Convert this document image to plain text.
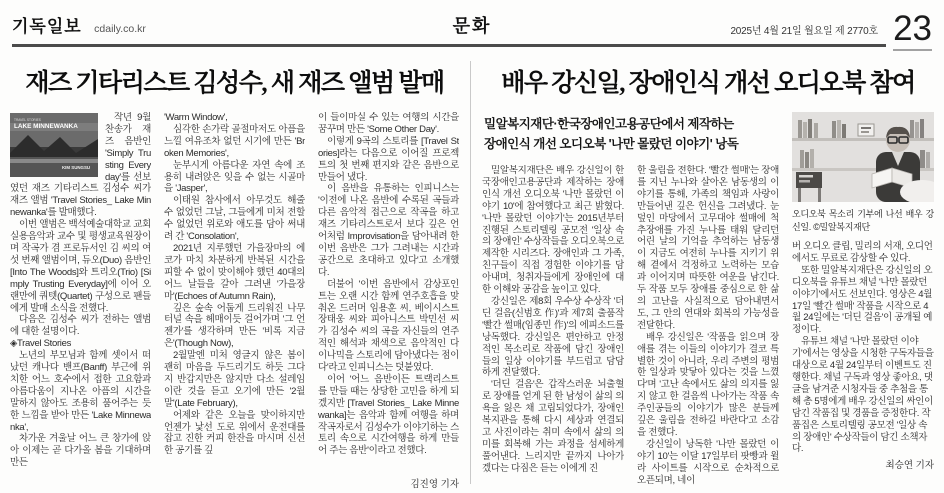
기독일보 cdaily.co.kr	문화	2025년 4월 21일 월요일 제 2770호 23
재즈 기타리스트 김성수, 새 재즈 앨범 발매
TRAVEL STORIES
LAKE MINNEWANKA
KIM SUNGSU

작년 9월 찬송가 재즈 음반인 'Simply Trusting Everyday'를 선보였던 재즈 기타리스트 김성수 씨가 재즈 앨범 'Travel Stories_ Lake Minnewanka'를 발매했다.

이번 앨범은 백석예술대학교 교회실용음악과 교수 및 평생교육원장이며 작곡가 겸 프로듀서인 김 씨의 여섯 번째 앨범이며, 듀오(Duo) 음반인 [Into The Woods]와 트리오(Trio) [Simply Trusting Everyday]에 이어 오랜만에 쿼텟(Quartet) 구성으로 팬들에게 발매 소식을 전했다.

다음은 김성수 씨가 전하는 앨범에 대한 설명이다.

◈Travel Stories

노년의 부모님과 함께 셋이서 떠났던 캐나다 밴프(Banff) 부근에 위치한 어느 호수에서 접한 고요함과 아름다움이 지나온 아픔의 시간을 말하지 않아도 조용히 품어주는 듯한 느낌을 받아 만든 'Lake Minnewanka',

차가운 겨울날 어느 큰 창가에 앉아 이제는 곧 다가올 봄을 기대하며 만든

'Warm Window',

심각한 손가락 골절마저도 아픔을 느낄 여유조차 없던 시기에 만든 'Broken Memories',

눈부시게 아름다운 자연 속에 조용히 내려앉은 잊을 수 없는 시골마을 'Jasper',

이태원 참사에서 아무것도 해줄 수 없었던 그날, 그들에게 미처 전할 수 없었던 위로와 애도를 담아 써내려 간 'Consolation',

2021년 지루했던 가을장마의 에코가 마치 차분하게 반복된 시간을 피할 수 없이 맞이해야 했던 40대의 어느 날들을 갈아 그려낸 '가을장마'(Echoes of Autumn Rain),

깊은 숲속 어둡게 드리워진 나무 터널 속을 헤매이듯 걸어가며 '그 언젠가'를 생각하며 만든 '비록 지금은'(Though Now),

2월말엔 미처 영글지 않은 봄이 괜히 마음을 두드리기도 하듯 그다지 반갑지만은 않지만 다소 설레임이란 것을 듣고 오기에 만든 '2월말'(Late February),

어제와 같은 오늘을 맞이하지만 언젠가 낯선 도로 위에서 운전대를 잡고 진한 커피 한잔을 마시며 신선한 공기를 깊

이 들이마실 수 있는 여행의 시간을 꿈꾸며 만든 'Some Other Day'.

이렇게 9곡의 스토리를 [Travel Stories]라는 다음으로 이어질 프로젝트의 첫 번째 편지와 같은 음반으로 만들어 냈다.

이 음반을 유통하는 인피니스는 '이전에 나온 음반에 수록된 곡들과 다른 음악적 접근으로 작곡을 하고 재즈 기타리스트로서 보다 깊은 언어처럼 Improvisation을 담아내려 한 이번 음반은 그가 그려내는 시간과 공간으로 초대하고 있다'고 소개했다.

더불어 '이번 음반에서 감상포인트는 오랜 시간 함께 연주호흡을 맞춰온 드러머 임용훈 씨, 베이시스트 장태웅 씨와 피아니스트 박민선 씨가 김성수 씨의 곡을 자신들의 연주적인 해석과 채색으로 음악적인 다이나믹을 스토리에 담아냈다는 점이다'라고 인피니스는 덧붙였다.

이어 '어느 음반이든 트랙리스트를 만들 때는 상당한 고민을 하게 되겠지만 [Travel Stories_ Lake Minnewanka]는 음악과 함께 여행을 하며 작곡자로서 김성수가 이야기하는 스토리 속으로 시간여행을 하게 만들어 주는 음반'이라고 전했다.

김진영 기자
배우 강신일, 장애인식 개선 오디오북 참여
밀알복지재단·한국장애인고용공단에서 제작하는
장애인식 개선 오디오북 '나만 몰랐던 이야기' 낭독

밀알복지재단은 배우 강신일이 한국장애인고용공단과 제작하는 장애인식 개선 오디오북 '나만 몰랐던 이야기 10'에 참여했다고 최근 밝혔다. '나만 몰랐던 이야기'는 2015년부터 진행된 스토리텔링 공모전 '일상 속의 장애인' 수상작들을 오디오북으로 제작한 시리즈다. 장애인과 그 가족, 친구들이 직접 경험한 이야기를 담아내며, 청취자들에게 장애인에 대한 이해와 공감을 높이고 있다.

강신일은 제8회 우수상 수상작 '더딘 걸음(신범호 作)'과 제7회 출품작 '빨간 썰매(임종민 作)'의 에피소드를 낭독했다. 강신일은 편안하고 안정적인 목소리로 작품에 담긴 장애인들의 일상 이야기를 부드럽고 담담하게 전달했다.

'더딘 걸음'은 갑작스러운 뇌출혈로 장애를 얻게 된 한 남성이 삶의 의욕을 잃은 채 고립되었다가, 장애인복지관을 통해 다시 세상과 연결되고 사진이라는 취미 속에서 삶의 의미를 회복해 가는 과정을 섬세하게 풀어낸다. 느리지만 끝까지 나아가겠다는 다짐은 듣는 이에게 진

한 울림을 전한다. '빨간 썰매'는 장애를 지닌 누나와 살아온 남동생의 이야기를 통해, 가족의 책임과 사랑이 만들어낸 깊은 헌신을 그려냈다. 눈 덮인 마당에서 고무대야 썰매에 척추장애를 가진 누나를 태워 달리던 어린 날의 기억을 추억하는 남동생이 지금도 여전히 누나를 지키기 위해 곁에서 걱정하고 노력하는 모습과 이어지며 따뜻한 여운을 남긴다. 두 작품 모두 장애를 중심으로 한 삶의 고난을 사실적으로 담아내면서도, 그 안의 연대와 회복의 가능성을 전달한다.

배우 강신일은 '작품을 읽으며 장애를 겪는 이들의 이야기가 결코 특별한 것이 아니라, 우리 주변의 평범한 일상과 맞닿아 있다는 것을 느꼈다'며 '고난 속에서도 삶의 의지를 잃지 않고 한 걸음씩 나아가는 작품 속 주인공들의 이야기가 많은 분들께 깊은 울림을 전하길 바란다'고 소감을 전했다.

강신일이 낭독한 '나만 몰랐던 이야기 10'는 이달 17일부터 팟빵과 윌라 사이트를 시작으로 순차적으로 오픈되며, 네이

오디오북 목소리 기부에 나선 배우 강신일. ©밀알복지재단

버 오디오 클립, 밀리의 서재, 오디언에서도 무료로 감상할 수 있다.

또한 밀알복지재단은 강신일의 오디오북을 유튜브 채널 '나만 몰랐던 이야기'에서도 선보인다. 영상은 4월 17일 '빨간 썰매' 작품을 시작으로 4월 24일에는 '더딘 걸음'이 공개될 예정이다.

유튜브 채널 '나만 몰랐던 이야기'에서는 영상을 시청한 구독자들을 대상으로 4월 24일부터 이벤트도 진행한다. 채널 구독과 영상 좋아요, 댓글을 남겨준 시청자들 중 추첨을 통해 총 5명에게 배우 강신일의 싸인이 담긴 작품집 및 경품을 증정한다. 작품집은 스토리텔링 공모전 '일상 속의 장애인' 수상작들이 담긴 소책자다.

최승연 기자
